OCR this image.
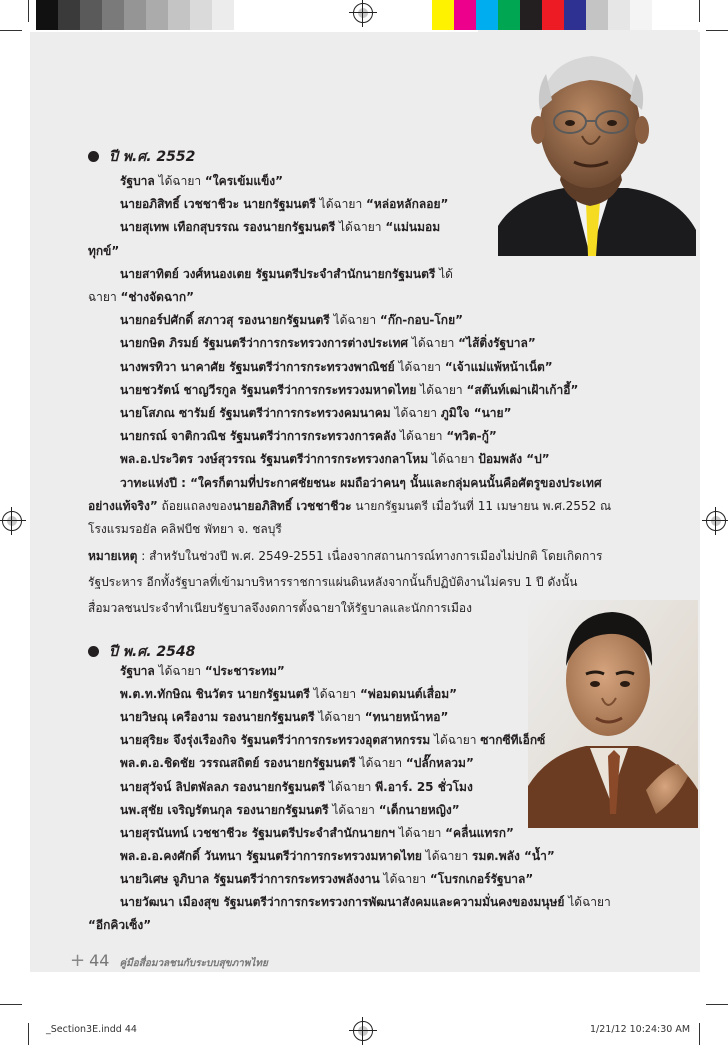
ปี พ.ศ. 2552
รัฐบาล ได้ฉายา “ใครเข้มแข็ง”
นายอภิสิทธิ์ เวชชาชีวะ นายกรัฐมนตรี ได้ฉายา “หล่อหลักลอย”
นายสุเทพ เทือกสุบรรณ รองนายกรัฐมนตรี ได้ฉายา “แม่นมอม
ทุกข์”
นายสาทิตย์ วงศ์หนองเตย รัฐมนตรีประจำสำนักนายกรัฐมนตรี ได้
ฉายา “ช่างจัดฉาก”
นายกอร์ปศักดิ์ สภาวสุ รองนายกรัฐมนตรี ได้ฉายา “ก๊ก-กอบ-โกย”
นายกษิต ภิรมย์ รัฐมนตรีว่าการกระทรวงการต่างประเทศ ได้ฉายา “ไส้ติ่งรัฐบาล”
นางพรทิวา นาคาศัย รัฐมนตรีว่าการกระทรวงพาณิชย์ ได้ฉายา “เจ้าแม่แพ้หน้าเน็ต”
นายชวรัตน์ ชาญวีรกูล รัฐมนตรีว่าการกระทรวงมหาดไทย ได้ฉายา “สต๊นท์เฒ่าเฝ้าเก้าอี้”
นายโสภณ ซารัมย์ รัฐมนตรีว่าการกระทรวงคมนาคม ได้ฉายา ภูมิใจ “นาย”
นายกรณ์ จาติกวณิช รัฐมนตรีว่าการกระทรวงการคลัง ได้ฉายา “ทวิต-กู้”
พล.อ.ประวิตร วงษ์สุวรรณ รัฐมนตรีว่าการกระทรวงกลาโหม ได้ฉายา ป้อมพลัง “ป”
วาทะแห่งปี : “ใครก็ตามที่ประกาศชัยชนะ ผมถือว่าคนๆ นั้นและกลุ่มคนนั้นคือศัตรูของประเทศ
อย่างแท้จริง” ถ้อยแถลงของนายอภิสิทธิ์ เวชชาชีวะ นายกรัฐมนตรี เมื่อวันที่ 11 เมษายน พ.ศ.2552 ณ
โรงแรมรอยัล คลิฟบีช พัทยา จ. ชลบุรี
หมายเหตุ : สำหรับในช่วงปี พ.ศ. 2549-2551 เนื่องจากสถานการณ์ทางการเมืองไม่ปกติ โดยเกิดการ
รัฐประหาร อีกทั้งรัฐบาลที่เข้ามาบริหารราชการแผ่นดินหลังจากนั้นก็ปฏิบัติงานไม่ครบ 1 ปี ดังนั้น
สื่อมวลชนประจำทำเนียบรัฐบาลจึงงดการตั้งฉายาให้รัฐบาลและนักการเมือง
ปี พ.ศ. 2548
รัฐบาล ได้ฉายา “ประชาระทม”
พ.ต.ท.ทักษิณ ชินวัตร นายกรัฐมนตรี ได้ฉายา “พ่อมดมนต์เสื่อม”
นายวิษณุ เครืองาม รองนายกรัฐมนตรี ได้ฉายา “ทนายหน้าหอ”
นายสุริยะ จึงรุ่งเรืองกิจ รัฐมนตรีว่าการกระทรวงอุตสาหกรรม ได้ฉายา ซากซีทีเอ็กซ์
พล.ต.อ.ชิดชัย วรรณสถิตย์ รองนายกรัฐมนตรี ได้ฉายา “ปลั๊กหลวม”
นายสุวัจน์ ลิปตพัลลภ รองนายกรัฐมนตรี ได้ฉายา พี.อาร์. 25 ชั่วโมง
นพ.สุชัย เจริญรัตนกุล รองนายกรัฐมนตรี ได้ฉายา “เด็กนายหญิง”
นายสุรนันทน์ เวชชาชีวะ รัฐมนตรีประจำสำนักนายกฯ ได้ฉายา “คลื่นแทรก”
พล.อ.อ.คงศักดิ์ วันทนา รัฐมนตรีว่าการกระทรวงมหาดไทย ได้ฉายา รมต.พลัง “น้ำ”
นายวิเศษ จูภิบาล รัฐมนตรีว่าการกระทรวงพลังงาน ได้ฉายา “โบรกเกอร์รัฐบาล”
นายวัฒนา เมืองสุข รัฐมนตรีว่าการกระทรวงการพัฒนาสังคมและความมั่นคงของมนุษย์ ได้ฉายา
“อีกคิวเซ็ง”
+ 44 คู่มือสื่อมวลชนกับระบบสุขภาพไทย
_Section3E.indd 44	1/21/12 10:24:30 AM
